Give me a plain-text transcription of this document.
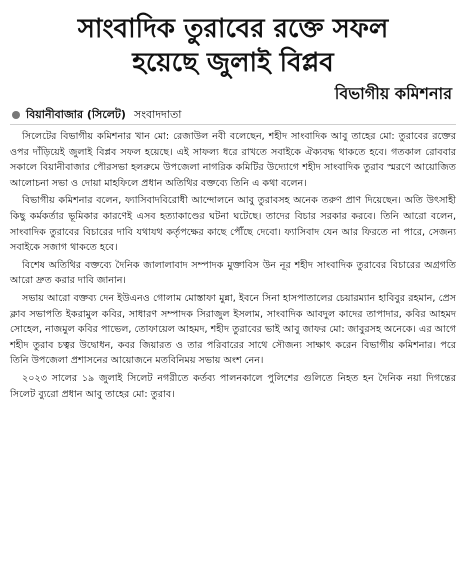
সাংবাদিক তুরাবের রক্তে সফল
হয়েছে জুলাই বিপ্লব
বিভাগীয় কমিশনার
বিয়ানীবাজার (সিলেট) সংবাদদাতা

সিলেটের বিভাগীয় কমিশনার খান মো: রেজাউল নবী বলেছেন, শহীদ সাংবাদিক আবু তাহের মো: তুরাবের রক্তের ওপর দাঁড়িয়েই জুলাই বিপ্লব সফল হয়েছে। এই সাফল্য ধরে রাখতে সবাইকে ঐক্যবদ্ধ থাকতে হবে। গতকাল রোববার সকালে বিয়ানীবাজার পৌরসভা হলরুমে উপজেলা নাগরিক কমিটির উদ্যোগে শহীদ সাংবাদিক তুরাব স্মরণে আয়োজিত আলোচনা সভা ও দোয়া মাহফিলে প্রধান অতিথির বক্তব্যে তিনি এ কথা বলেন।

বিভাগীয় কমিশনার বলেন, ফ্যাসিবাদবিরোধী আন্দোলনে আবু তুরাবসহ অনেক তরুণ প্রাণ দিয়েছেন। অতি উৎসাহী কিছু কর্মকর্তার ভূমিকার কারণেই এসব হত্যাকাণ্ডের ঘটনা ঘটেছে। তাদের বিচার সরকার করবে। তিনি আরো বলেন, সাংবাদিক তুরাবের বিচারের দাবি যথাযথ কর্তৃপক্ষের কাছে পৌঁছে দেবো। ফ্যাসিবাদ যেন আর ফিরতে না পারে, সেজন্য সবাইকে সজাগ থাকতে হবে।

বিশেষ অতিথির বক্তব্যে দৈনিক জালালাবাদ সম্পাদক মুক্তাবিস উন নূর শহীদ সাংবাদিক তুরাবের বিচারের অগ্রগতি আরো দ্রুত করার দাবি জানান।

সভায় আরো বক্তব্য দেন ইউএনও গোলাম মোস্তাফা মুন্না, ইবনে সিনা হাসপাতালের চেয়ারম্যান হাবিবুর রহমান, প্রেস ক্লাব সভাপতি ইকরামুল কবির, সাধারণ সম্পাদক সিরাজুল ইসলাম, সাংবাদিক আবদুল কাদের তাপাদার, কবির আহমদ সোহেল, নাজমুল কবির পাভেল, তোফায়েল আহমদ, শহীদ তুরাবের ভাই আবু জাফর মো: জাবুরসহ অনেকে। এর আগে শহীদ তুরাব চত্বর উদ্বোধন, কবর জিয়ারত ও তার পরিবারের সাথে সৌজন্য সাক্ষাৎ করেন বিভাগীয় কমিশনার। পরে তিনি উপজেলা প্রশাসনের আয়োজনে মতবিনিময় সভায় অংশ নেন।

২০২৩ সালের ১৯ জুলাই সিলেট নগরীতে কর্তব্য পালনকালে পুলিশের গুলিতে নিহত হন দৈনিক নয়া দিগন্তের সিলেট ব্যুরো প্রধান আবু তাহের মো: তুরাব।
